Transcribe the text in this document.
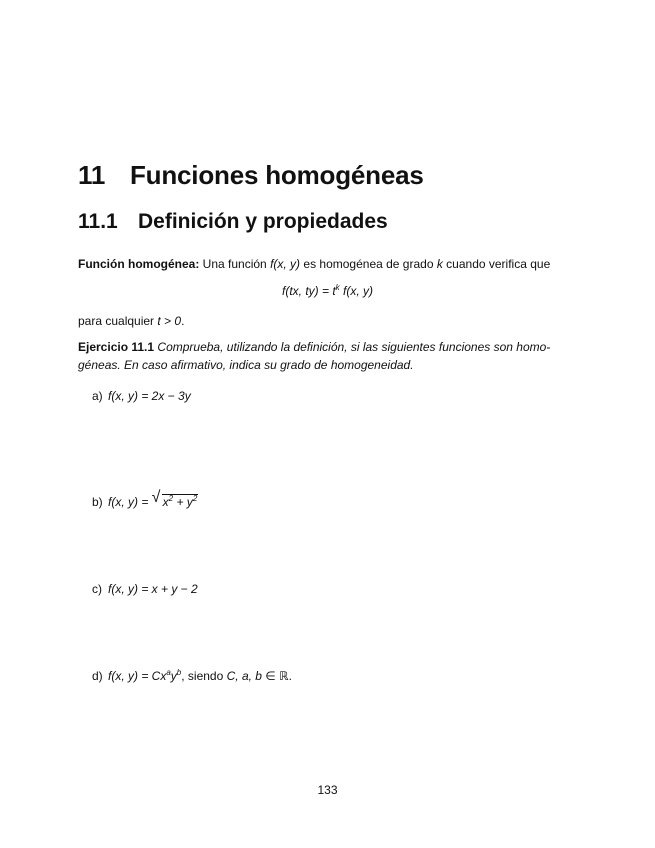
11 Funciones homogéneas
11.1 Definición y propiedades

Función homogénea: Una función f(x, y) es homogénea de grado k cuando verifica que

f(tx, $ty) = t^k$ f(x, y)

para cualquier t > 0.

Ejercicio 11.1 Comprueba, utilizando la definición, si las siguientes funciones son homo-géneas. En caso afirmativo, indica su grado de homogeneidad.

a) f(x, y) = 2x − 3y
b) f(x, y) = √ $x^2 + y^2$
c) f(x, y) = x + y − 2
d) f(x, $y) = Cx^ay^b$, siendo C, a, b ∈ ℝ.
133
